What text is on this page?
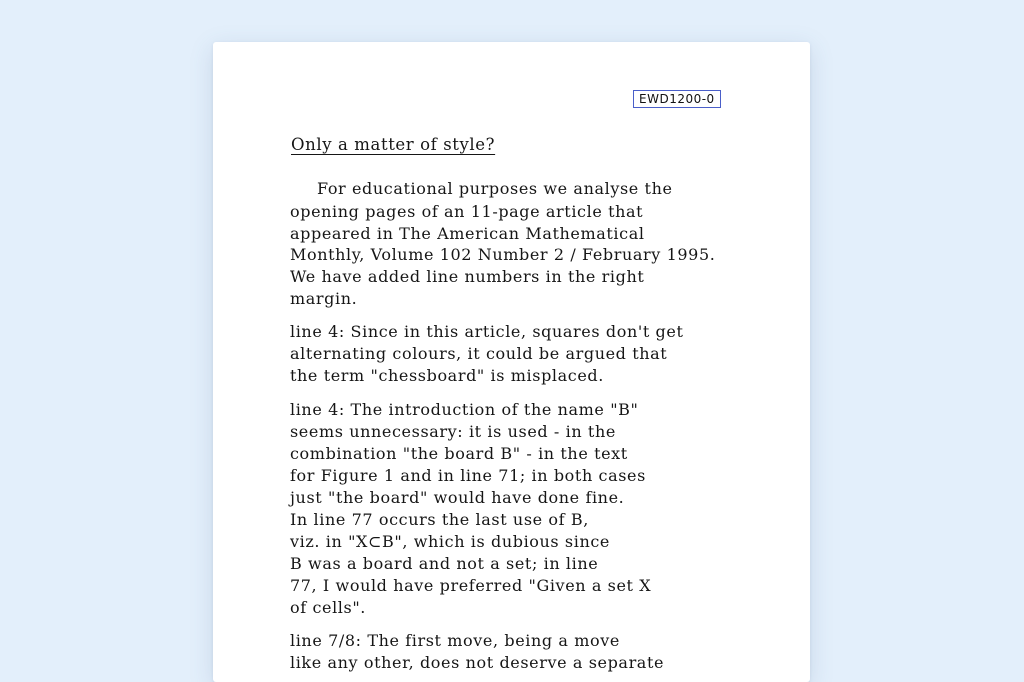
EWD1200-0
Only a matter of style?
For educational purposes we analyse the
opening pages of an 11-page article that
appeared in The American Mathematical
Monthly, Volume 102 Number 2 / February 1995.
We have added line numbers in the right
margin.
line 4: Since in this article, squares don't get
alternating colours, it could be argued that
the term "chessboard" is misplaced.
line 4: The introduction of the name "B"
seems unnecessary: it is used - in the
combination "the board B" - in the text
for Figure 1 and in line 71; in both cases
just "the board" would have done fine.
In line 77 occurs the last use of B,
viz. in "X⊂B", which is dubious since
B was a board and not a set; in line
77, I would have preferred "Given a set X
of cells".
line 7/8: The first move, being a move
like any other, does not deserve a separate
